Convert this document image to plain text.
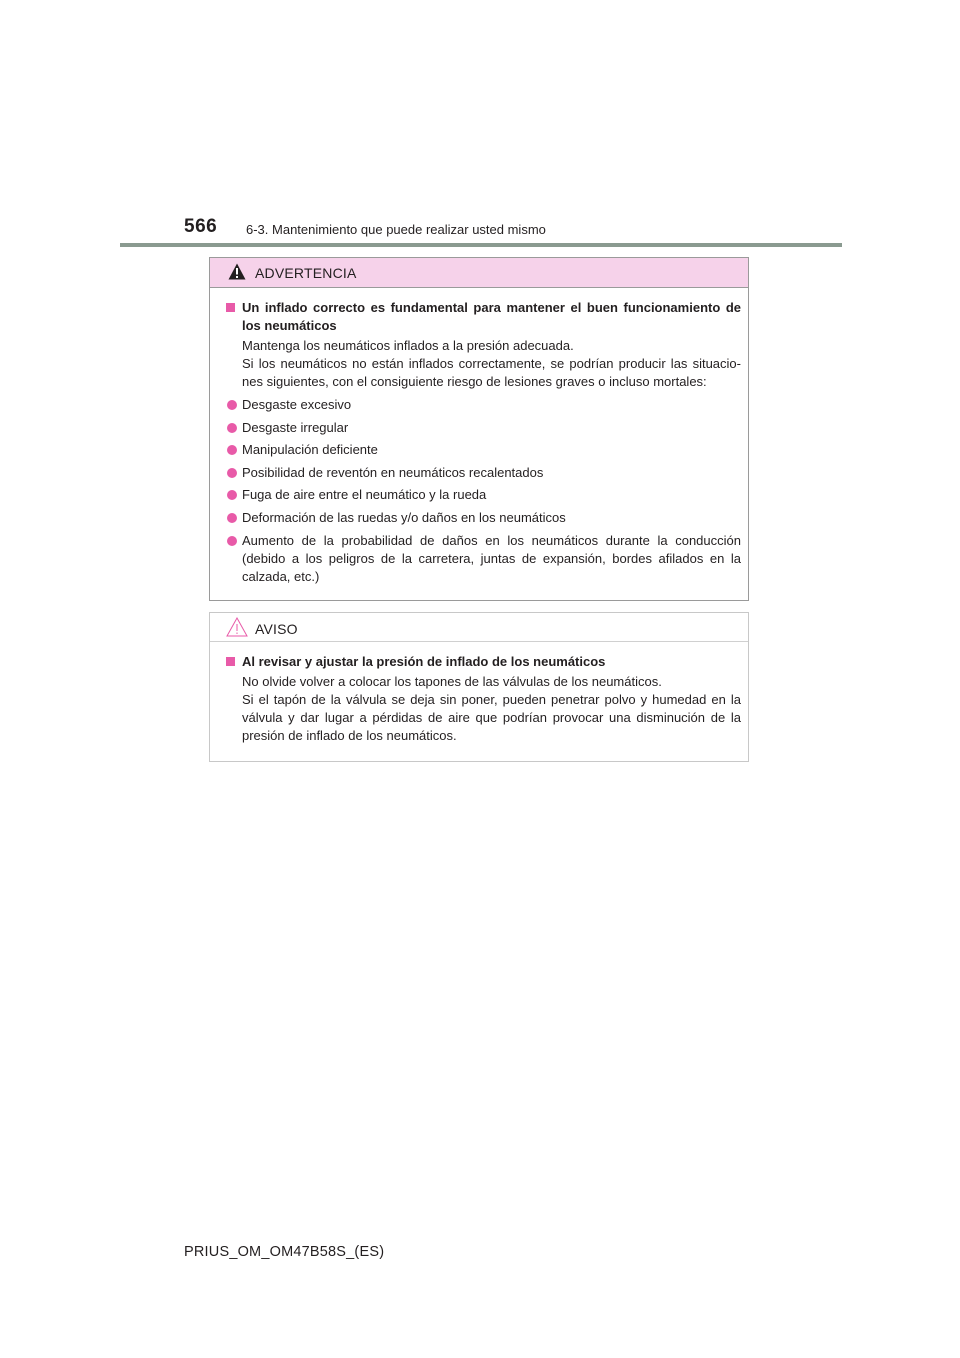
566 6-3. Mantenimiento que puede realizar usted mismo
ADVERTENCIA
Un inflado correcto es fundamental para mantener el buen funcionamiento de los neumáticos
Mantenga los neumáticos inflados a la presión adecuada.
Si los neumáticos no están inflados correctamente, se podrían producir las situacio-nes siguientes, con el consiguiente riesgo de lesiones graves o incluso mortales:
Desgaste excesivo
Desgaste irregular
Manipulación deficiente
Posibilidad de reventón en neumáticos recalentados
Fuga de aire entre el neumático y la rueda
Deformación de las ruedas y/o daños en los neumáticos
Aumento de la probabilidad de daños en los neumáticos durante la conducción (debido a los peligros de la carretera, juntas de expansión, bordes afilados en la calzada, etc.)
AVISO
Al revisar y ajustar la presión de inflado de los neumáticos
No olvide volver a colocar los tapones de las válvulas de los neumáticos.
Si el tapón de la válvula se deja sin poner, pueden penetrar polvo y humedad en la válvula y dar lugar a pérdidas de aire que podrían provocar una disminución de la presión de inflado de los neumáticos.
PRIUS_OM_OM47B58S_(ES)
